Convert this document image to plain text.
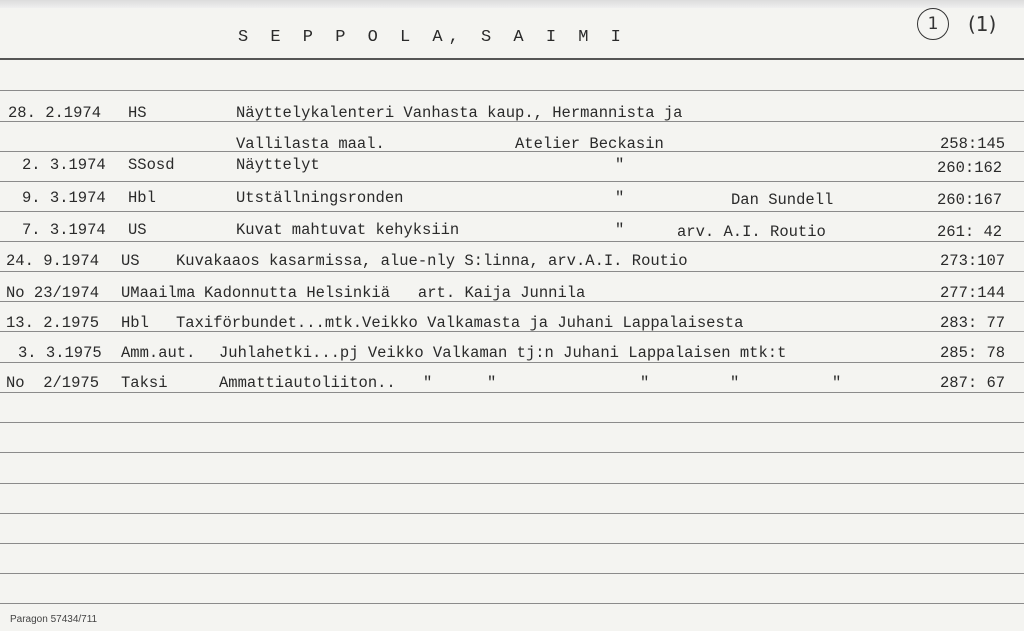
S E P P O L A, S A I M I
1	(1)
28. 2.1974 HS	Näyttelykalenteri Vanhasta kaup., Hermannista ja
Vallilasta maal.	Atelier Beckasin	258:145
2. 3.1974 SSosd	Näyttelyt	"	260:162
9. 3.1974 Hbl	Utställningsronden	"	Dan Sundell	260:167
7. 3.1974 US	Kuvat mahtuvat kehyksiin	"	arv. A.I. Routio	261: 42
24. 9.1974 US Kuvakaaos kasarmissa, alue-nly S:linna, arv.A.I. Routio	273:107
No 23/1974 UMaailma Kadonnutta Helsinkiä   art. Kaija Junnila	277:144
13. 2.1975 Hbl Taxiförbundet...mtk.Veikko Valkamasta ja Juhani Lappalaisesta	283: 77
3. 3.1975 Amm.aut. Juhlahetki...pj Veikko Valkaman tj:n Juhani Lappalaisen mtk:t	285: 78
No  2/1975 Taksi	Ammattiautoliiton.. "	"	"	"	"	287: 67
Paragon 57434/711
